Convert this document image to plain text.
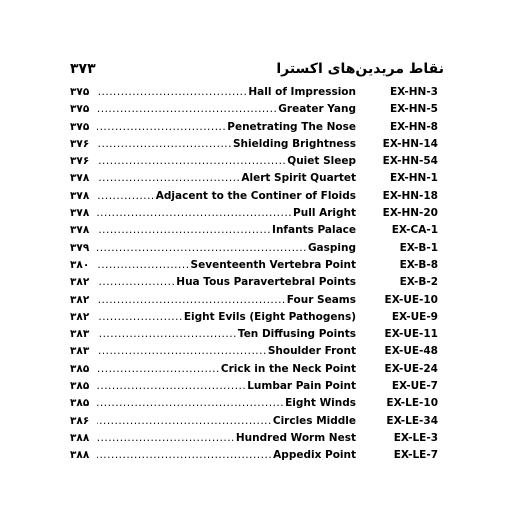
۳۷۳	نقاط مریدین‌های اکسترا
۳۷۵ .....	Hall of Impression	EX-HN-3
۳۷۵ .....	Greater Yang	EX-HN-5
۳۷۵ .....	Penetrating The Nose	EX-HN-8
۳۷۶ .....	Shielding Brightness	EX-HN-14
۳۷۶ .....	Quiet Sleep	EX-HN-54
۳۷۸ .....	Alert Spirit Quartet	EX-HN-1
۳۷۸ .....	Adjacent to the Continer of Floids	EX-HN-18
۳۷۸ .....	Pull Aright	EX-HN-20
۳۷۸ .....	Infants Palace	EX-CA-1
۳۷۹ .....	Gasping	EX-B-1
۳۸۰ .....	Seventeenth Vertebra Point	EX-B-8
۳۸۲ .....	Hua Tous Paravertebral Points	EX-B-2
۳۸۲ .....	Four Seams	EX-UE-10
۳۸۲ .....	Eight Evils (Eight Pathogens)	EX-UE-9
۳۸۳ .....	Ten Diffusing Points	EX-UE-11
۳۸۳ .....	Shoulder Front	EX-UE-48
۳۸۵ .....	Crick in the Neck Point	EX-UE-24
۳۸۵ .....	Lumbar Pain Point	EX-UE-7
۳۸۵ .....	Eight Winds	EX-LE-10
۳۸۶ .....	Circles Middle	EX-LE-34
۳۸۸ .....	Hundred Worm Nest	EX-LE-3
۳۸۸ .....	Appedix Point	EX-LE-7
